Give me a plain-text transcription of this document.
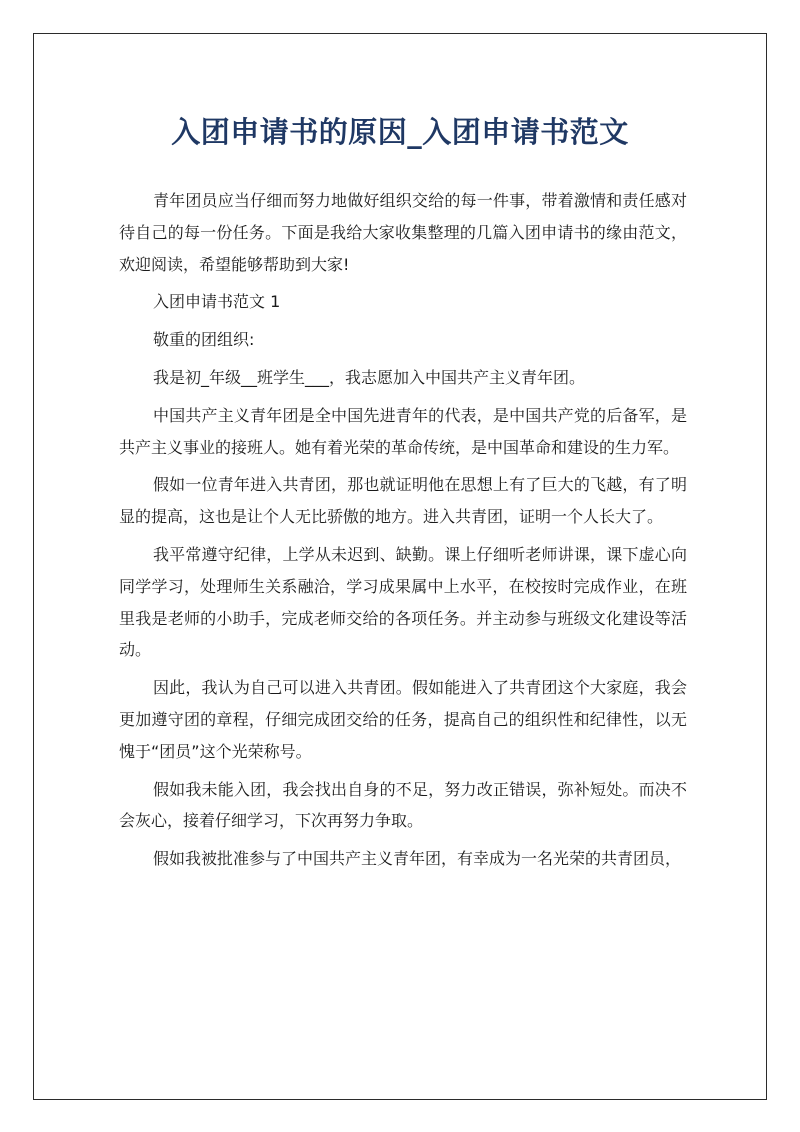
入团申请书的原因_入团申请书范文

青年团员应当仔细而努力地做好组织交给的每一件事，带着激情和责任感对待自己的每一份任务。下面是我给大家收集整理的几篇入团申请书的缘由范文，欢迎阅读，希望能够帮助到大家!

入团申请书范文 1

敬重的团组织:

我是初_年级__班学生___，我志愿加入中国共产主义青年团。

中国共产主义青年团是全中国先进青年的代表，是中国共产党的后备军，是共产主义事业的接班人。她有着光荣的革命传统，是中国革命和建设的生力军。

假如一位青年进入共青团，那也就证明他在思想上有了巨大的飞越，有了明显的提高，这也是让个人无比骄傲的地方。进入共青团，证明一个人长大了。

我平常遵守纪律，上学从未迟到、缺勤。课上仔细听老师讲课，课下虚心向同学学习，处理师生关系融洽，学习成果属中上水平，在校按时完成作业，在班里我是老师的小助手，完成老师交给的各项任务。并主动参与班级文化建设等活动。

因此，我认为自己可以进入共青团。假如能进入了共青团这个大家庭，我会更加遵守团的章程，仔细完成团交给的任务，提高自己的组织性和纪律性，以无愧于“团员”这个光荣称号。

假如我未能入团，我会找出自身的不足，努力改正错误，弥补短处。而决不会灰心，接着仔细学习，下次再努力争取。

假如我被批准参与了中国共产主义青年团，有幸成为一名光荣的共青团员，
